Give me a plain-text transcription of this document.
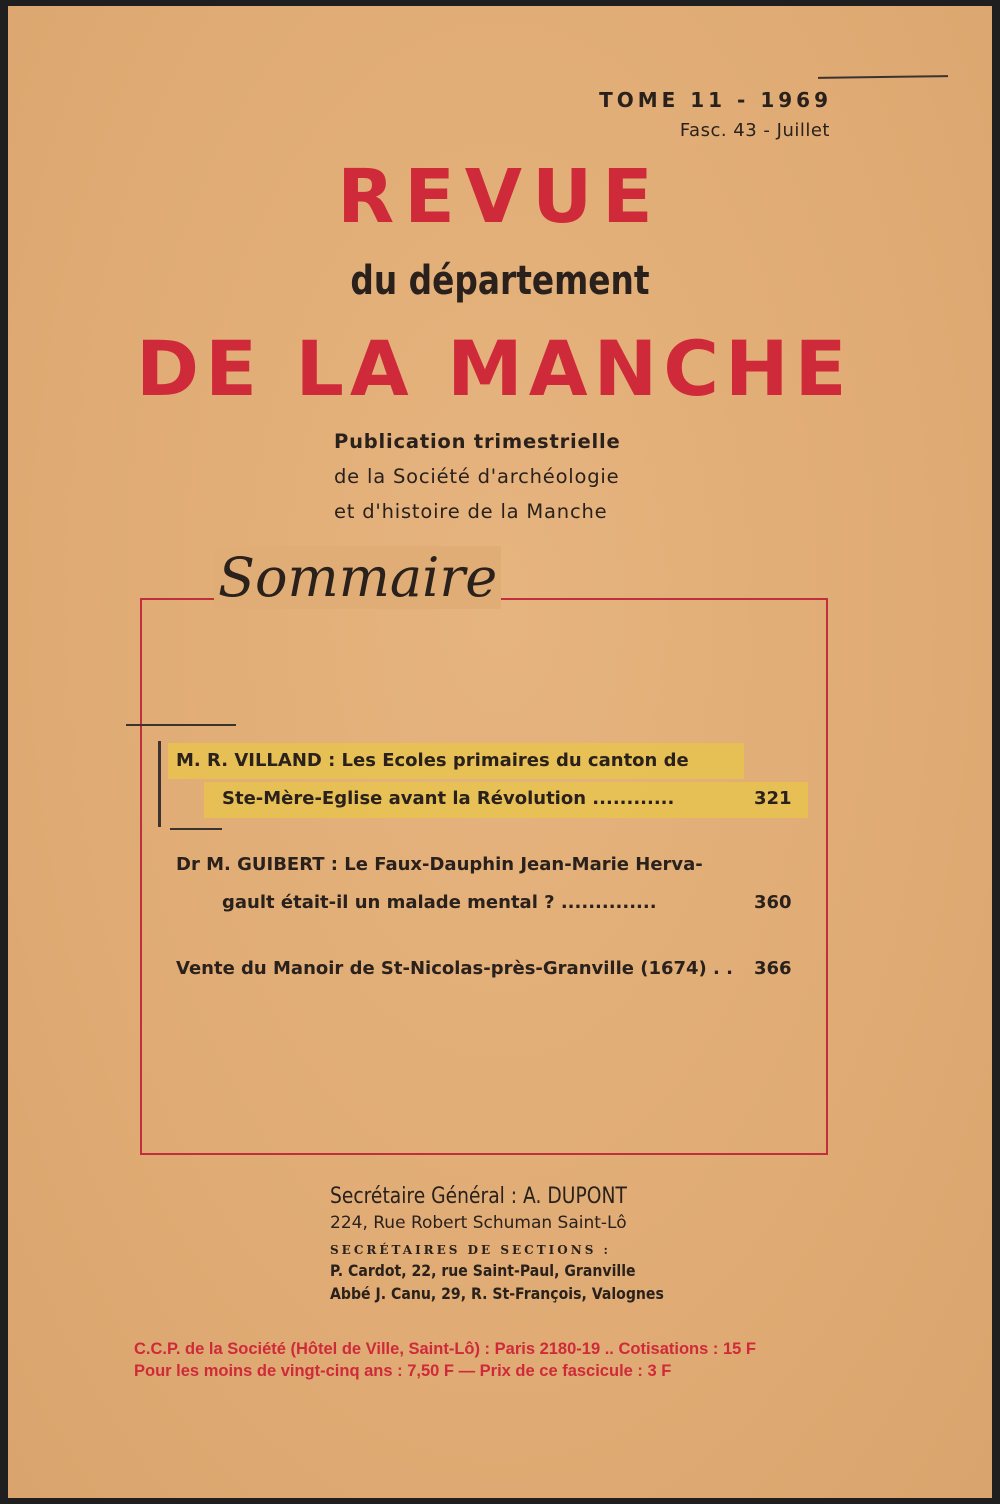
TOME 11 - 1969
Fasc. 43 - Juillet
REVUE
du département
DE LA MANCHE
Publication trimestrielle
de la Société d'archéologie
et d'histoire de la Manche
Sommaire
M. R. VILLAND : Les Ecoles primaires du canton de
Ste-Mère-Eglise avant la Révolution ............	321
Dr M. GUIBERT : Le Faux-Dauphin Jean-Marie Herva-
gault était-il un malade mental ? ..............	360
Vente du Manoir de St-Nicolas-près-Granville (1674) . . 366
Secrétaire Général : A. DUPONT
224, Rue Robert Schuman Saint-Lô
SECRÉTAIRES DE SECTIONS :
P. Cardot, 22, rue Saint-Paul, Granville
Abbé J. Canu, 29, R. St-François, Valognes
C.C.P. de la Société (Hôtel de Ville, Saint-Lô) : Paris 2180-19 .. Cotisations : 15 F
Pour les moins de vingt-cinq ans : 7,50 F — Prix de ce fascicule : 3 F
